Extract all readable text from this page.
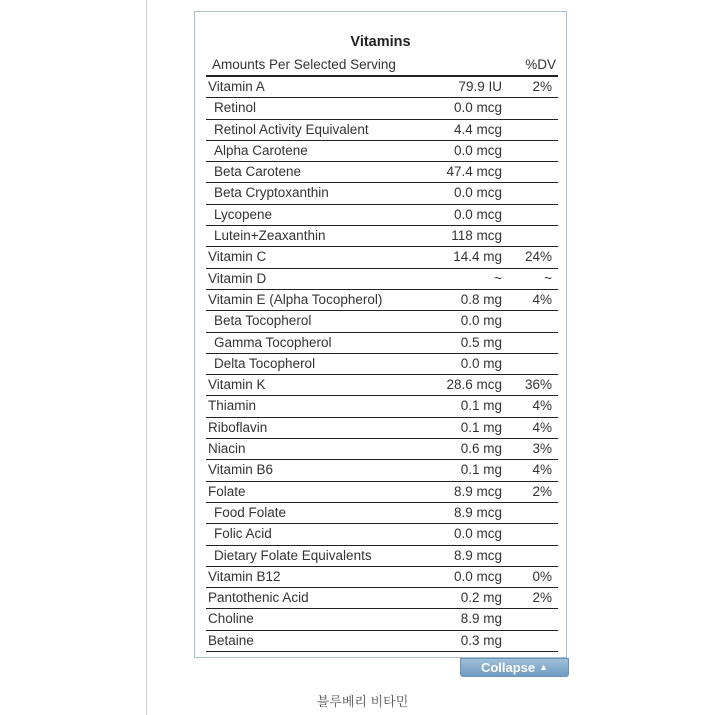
Vitamins
Amounts Per Selected Serving	%DV
Vitamin A	79.9 IU 2%
Retinol	0.0 mcg
Retinol Activity Equivalent	4.4 mcg
Alpha Carotene	0.0 mcg
Beta Carotene	47.4 mcg
Beta Cryptoxanthin	0.0 mcg
Lycopene	0.0 mcg
Lutein+Zeaxanthin	118 mcg
Vitamin C	14.4 mg 24%
Vitamin D	~	~
Vitamin E (Alpha Tocopherol)	0.8 mg 4%
Beta Tocopherol	0.0 mg
Gamma Tocopherol	0.5 mg
Delta Tocopherol	0.0 mg
Vitamin K	28.6 mcg 36%
Thiamin	0.1 mg 4%
Riboflavin	0.1 mg 4%
Niacin	0.6 mg 3%
Vitamin B6	0.1 mg 4%
Folate	8.9 mcg 2%
Food Folate	8.9 mcg
Folic Acid	0.0 mcg
Dietary Folate Equivalents	8.9 mcg
Vitamin B12	0.0 mcg 0%
Pantothenic Acid	0.2 mg 2%
Choline	8.9 mg
Betaine	0.3 mg
Collapse ▲
블루베리 비타민
